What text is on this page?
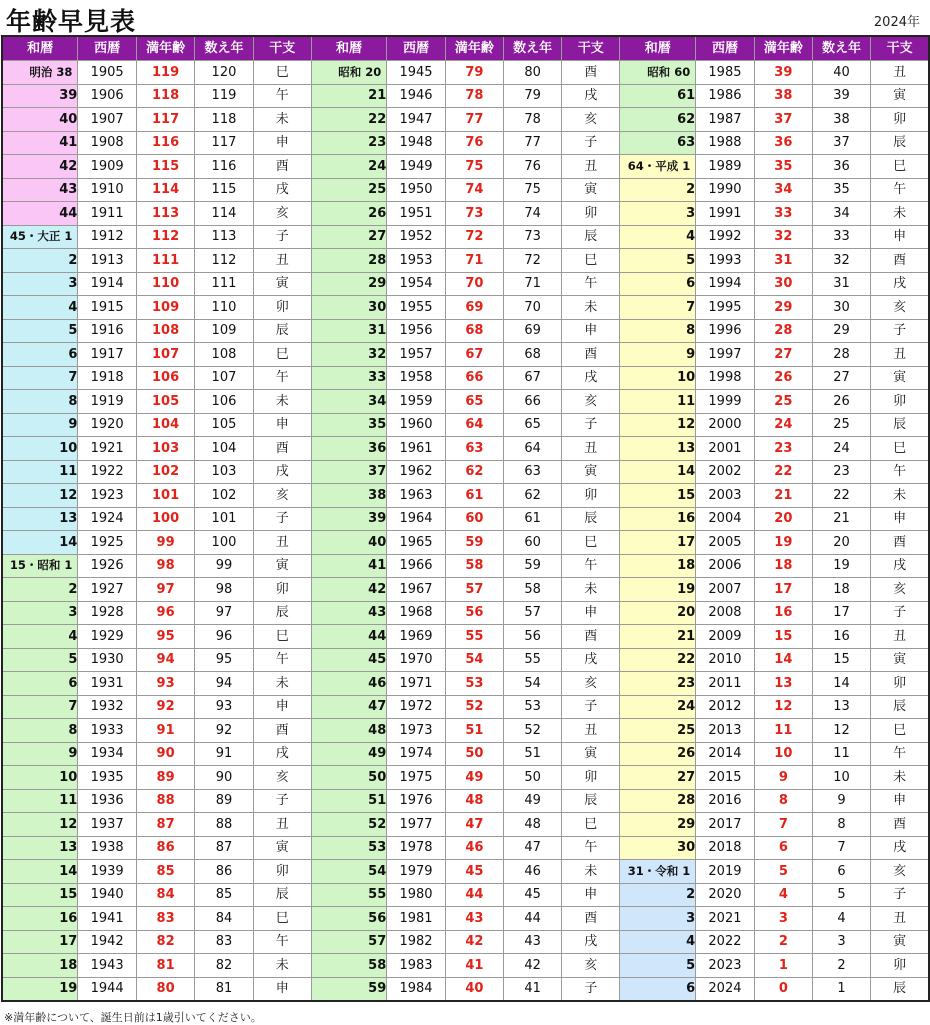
年齢早見表	2024年
和暦	西暦	満年齢	数え年	干支	和暦	西暦	満年齢	数え年	干支	和暦	西暦	満年齢	数え年	干支
明治 38	1905	119	120	巳	昭和 20	1945	79	80	酉	昭和 60	1985	39	40	丑
39	1906	118	119	午	21	1946	78	79	戌	61	1986	38	39	寅
40	1907	117	118	未	22	1947	77	78	亥	62	1987	37	38	卯
41	1908	116	117	申	23	1948	76	77	子	63	1988	36	37	辰
42	1909	115	116	酉	24	1949	75	76	丑	64・平成 1	1989	35	36	巳
43	1910	114	115	戌	25	1950	74	75	寅	2	1990	34	35	午
44	1911	113	114	亥	26	1951	73	74	卯	3	1991	33	34	未
45・大正 1	1912	112	113	子	27	1952	72	73	辰	4	1992	32	33	申
2	1913	111	112	丑	28	1953	71	72	巳	5	1993	31	32	酉
3	1914	110	111	寅	29	1954	70	71	午	6	1994	30	31	戌
4	1915	109	110	卯	30	1955	69	70	未	7	1995	29	30	亥
5	1916	108	109	辰	31	1956	68	69	申	8	1996	28	29	子
6	1917	107	108	巳	32	1957	67	68	酉	9	1997	27	28	丑
7	1918	106	107	午	33	1958	66	67	戌	10	1998	26	27	寅
8	1919	105	106	未	34	1959	65	66	亥	11	1999	25	26	卯
9	1920	104	105	申	35	1960	64	65	子	12	2000	24	25	辰
10	1921	103	104	酉	36	1961	63	64	丑	13	2001	23	24	巳
11	1922	102	103	戌	37	1962	62	63	寅	14	2002	22	23	午
12	1923	101	102	亥	38	1963	61	62	卯	15	2003	21	22	未
13	1924	100	101	子	39	1964	60	61	辰	16	2004	20	21	申
14	1925	99	100	丑	40	1965	59	60	巳	17	2005	19	20	酉
15・昭和 1	1926	98	99	寅	41	1966	58	59	午	18	2006	18	19	戌
2	1927	97	98	卯	42	1967	57	58	未	19	2007	17	18	亥
3	1928	96	97	辰	43	1968	56	57	申	20	2008	16	17	子
4	1929	95	96	巳	44	1969	55	56	酉	21	2009	15	16	丑
5	1930	94	95	午	45	1970	54	55	戌	22	2010	14	15	寅
6	1931	93	94	未	46	1971	53	54	亥	23	2011	13	14	卯
7	1932	92	93	申	47	1972	52	53	子	24	2012	12	13	辰
8	1933	91	92	酉	48	1973	51	52	丑	25	2013	11	12	巳
9	1934	90	91	戌	49	1974	50	51	寅	26	2014	10	11	午
10	1935	89	90	亥	50	1975	49	50	卯	27	2015	9	10	未
11	1936	88	89	子	51	1976	48	49	辰	28	2016	8	9	申
12	1937	87	88	丑	52	1977	47	48	巳	29	2017	7	8	酉
13	1938	86	87	寅	53	1978	46	47	午	30	2018	6	7	戌
14	1939	85	86	卯	54	1979	45	46	未	31・令和 1	2019	5	6	亥
15	1940	84	85	辰	55	1980	44	45	申	2	2020	4	5	子
16	1941	83	84	巳	56	1981	43	44	酉	3	2021	3	4	丑
17	1942	82	83	午	57	1982	42	43	戌	4	2022	2	3	寅
18	1943	81	82	未	58	1983	41	42	亥	5	2023	1	2	卯
19	1944	80	81	申	59	1984	40	41	子	6	2024	0	1	辰
※満年齢について、誕生日前は1歳引いてください。
